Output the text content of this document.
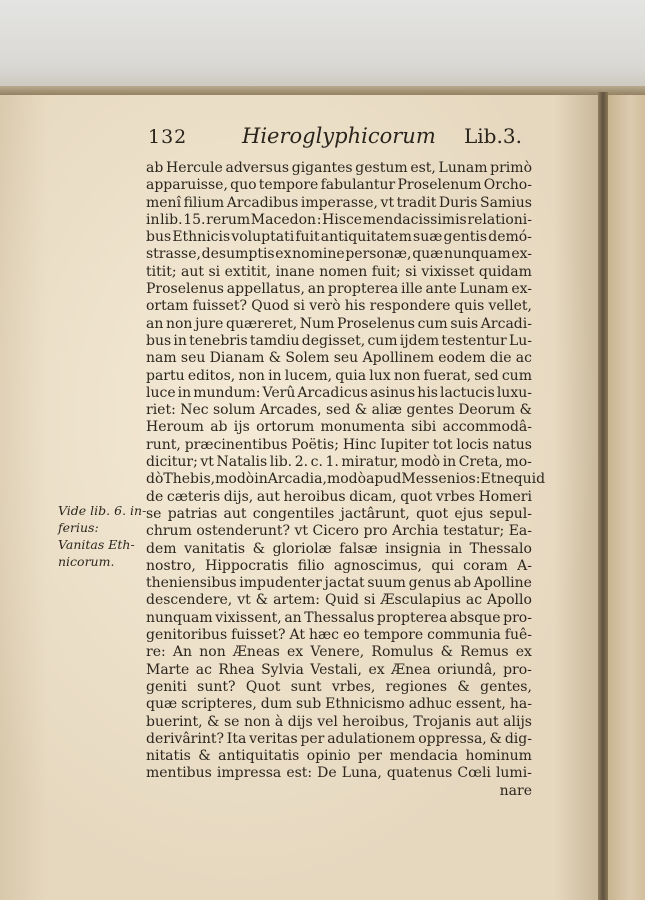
132	Hieroglyphicorum Lib.3.
Vide lib. 6. in-
ferius:
Vanitas Eth-
nicorum.
ab Hercule adversus gigantes gestum est, Lunam primò
apparuisse, quo tempore fabulantur Proselenum Orcho-
menî filium Arcadibus imperasse, vt tradit Duris Samius
in lib. 15. rerum Macedon : Hisce mendacissimis relationi-
bus Ethnicis voluptati fuit antiquitatem suæ gentis demó-
strasse, desumptis ex nomine personæ, quæ nunquam ex-
titit; aut si extitit, inane nomen fuit; si vixisset quidam
Proselenus appellatus, an propterea ille ante Lunam ex-
ortam fuisset? Quod si verò his respondere quis vellet,
an non jure quæreret, Num Proselenus cum suis Arcadi-
bus in tenebris tamdiu degisset, cum ijdem testentur Lu-
nam seu Dianam & Solem seu Apollinem eodem die ac
partu editos, non in lucem, quia lux non fuerat, sed cum
luce in mundum: Verû Arcadicus asinus his lactucis luxu-
riet: Nec solum Arcades, sed & aliæ gentes Deorum &
Heroum ab ijs ortorum monumenta sibi accommodâ-
runt, præcinentibus Poëtis; Hinc Iupiter tot locis natus
dicitur; vt Natalis lib. 2. c. 1. miratur, modò in Creta, mo-
dò Thebis, modò in Arcadia, modò apud Messenios: Et ne quid
de cæteris dijs, aut heroibus dicam, quot vrbes Homeri
se patrias aut congentiles jactârunt, quot ejus sepul-
chrum ostenderunt? vt Cicero pro Archia testatur; Ea-
dem vanitatis & gloriolæ falsæ insignia in Thessalo
nostro, Hippocratis filio agnoscimus, qui coram A-
theniensibus impudenter jactat suum genus ab Apolline
descendere, vt & artem: Quid si Æsculapius ac Apollo
nunquam vixissent, an Thessalus propterea absque pro-
genitoribus fuisset? At hæc eo tempore communia fuê-
re: An non Æneas ex Venere, Romulus & Remus ex
Marte ac Rhea Sylvia Vestali, ex Ænea oriundâ, pro-
geniti sunt? Quot sunt vrbes, regiones & gentes,
quæ scripteres, dum sub Ethnicismo adhuc essent, ha-
buerint, & se non à dijs vel heroibus, Trojanis aut alijs
derivârint? Ita veritas per adulationem oppressa, & dig-
nitatis & antiquitatis opinio per mendacia hominum
mentibus impressa est: De Luna, quatenus Cœli lumi-
nare
